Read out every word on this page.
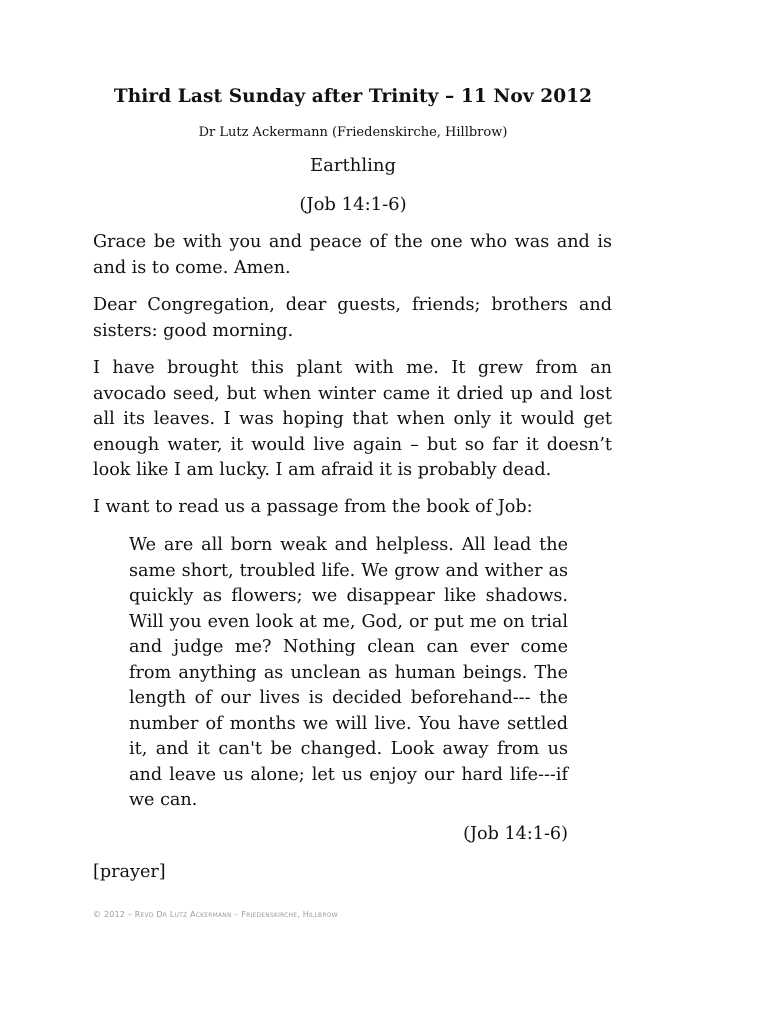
Third Last Sunday after Trinity – 11 Nov 2012
Dr Lutz Ackermann (Friedenskirche, Hillbrow)
Earthling
(Job 14:1-6)

Grace be with you and peace of the one who was and is and is to come. Amen.

Dear Congregation, dear guests, friends; brothers and sisters: good morning.

I have brought this plant with me. It grew from an avocado seed, but when winter came it dried up and lost all its leaves. I was hoping that when only it would get enough water, it would live again – but so far it doesn’t look like I am lucky. I am afraid it is probably dead.

I want to read us a passage from the book of Job:

We are all born weak and helpless. All lead the same short, troubled life. We grow and wither as quickly as flowers; we disappear like shadows. Will you even look at me, God, or put me on trial and judge me? Nothing clean can ever come from anything as unclean as human beings. The length of our lives is decided beforehand--- the number of months we will live. You have settled it, and it can't be changed. Look away from us and leave us alone; let us enjoy our hard life---if we can.

(Job 14:1-6)
[prayer]
© 2012 – Revd Dr Lutz Ackermann – Friedenskirche, Hillbrow
